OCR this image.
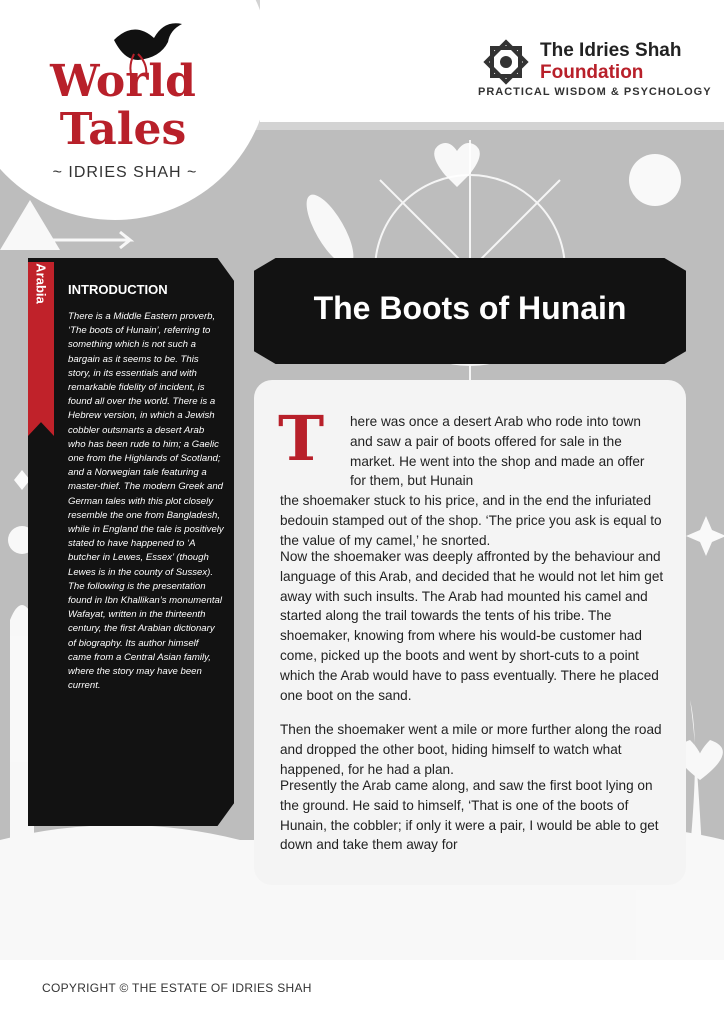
World
Tales
~ IDRIES SHAH ~
The Idries Shah
Foundation
PRACTICAL WISDOM & PSYCHOLOGY
Arabia INTRODUCTION
There is a Middle Eastern proverb, ‘The boots of Hunain’, referring to something which is not such a bargain as it seems to be. This story, in its essentials and with remarkable fidelity of incident, is found all over the world. There is a Hebrew version, in which a Jewish cobbler outsmarts a desert Arab who has been rude to him; a Gaelic one from the Highlands of Scotland; and a Norwegian tale featuring a master-thief. The modern Greek and German tales with this plot closely resemble the one from Bangladesh, while in England the tale is positively stated to have happened to ‘A butcher in Lewes, Essex’ (though Lewes is in the county of Sussex). The following is the presentation found in Ibn Khallikan’s monumental Wafayat, written in the thirteenth century, the first Arabian dictionary of biography. Its author himself came from a Central Asian family, where the story may have been current.
The Boots of Hunain
T here was once a desert Arab who rode into town and saw a pair of boots offered for sale in the market. He went into the shop and made an offer for them, but Hunain
the shoemaker stuck to his price, and in the end the infuriated bedouin stamped out of the shop. ‘The price you ask is equal to the value of my camel,’ he snorted.
Now the shoemaker was deeply affronted by the behaviour and language of this Arab, and decided that he would not let him get away with such insults. The Arab had mounted his camel and started along the trail towards the tents of his tribe. The shoemaker, knowing from where his would-be customer had come, picked up the boots and went by short-cuts to a point which the Arab would have to pass eventually. There he placed one boot on the sand.
Then the shoemaker went a mile or more further along the road and dropped the other boot, hiding himself to watch what happened, for he had a plan.
Presently the Arab came along, and saw the first boot lying on the ground. He said to himself, ‘That is one of the boots of Hunain, the cobbler; if only it were a pair, I would be able to get down and take them away for
COPYRIGHT © THE ESTATE OF IDRIES SHAH
